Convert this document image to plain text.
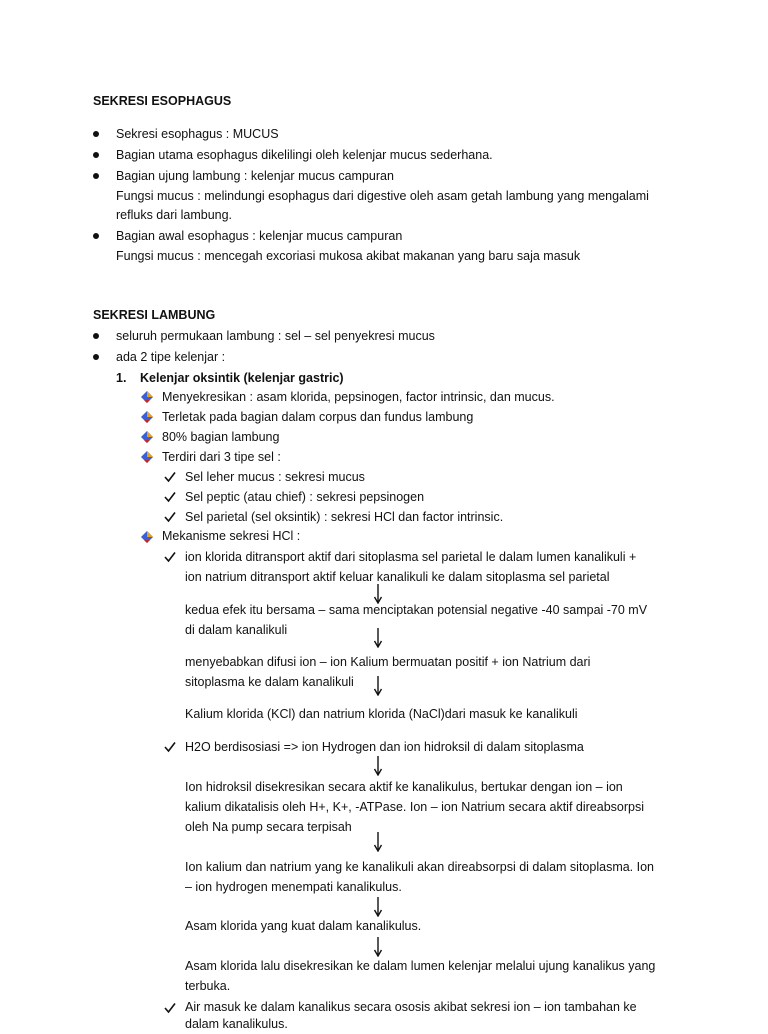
SEKRESI ESOPHAGUS
Sekresi esophagus : MUCUS
Bagian utama esophagus dikelilingi oleh kelenjar mucus sederhana.
Bagian ujung lambung : kelenjar mucus campuran
Fungsi mucus : melindungi esophagus dari digestive oleh asam getah lambung yang mengalami
refluks dari lambung.
Bagian awal esophagus : kelenjar mucus campuran
Fungsi mucus : mencegah excoriasi mukosa akibat makanan yang baru saja masuk
SEKRESI LAMBUNG
seluruh permukaan lambung : sel – sel penyekresi mucus
ada 2 tipe kelenjar :
1. Kelenjar oksintik (kelenjar gastric)
Menyekresikan : asam klorida, pepsinogen, factor intrinsic, dan mucus.
Terletak pada bagian dalam corpus dan fundus lambung
80% bagian lambung
Terdiri dari 3 tipe sel :
Sel leher mucus : sekresi mucus
Sel peptic (atau chief) : sekresi pepsinogen
Sel parietal (sel oksintik) : sekresi HCl dan factor intrinsic.
Mekanisme sekresi HCl :
ion klorida ditransport aktif dari sitoplasma sel parietal le dalam lumen kanalikuli +
ion natrium ditransport aktif keluar kanalikuli ke dalam sitoplasma sel parietal
kedua efek itu bersama – sama menciptakan potensial negative -40 sampai -70 mV
di dalam kanalikuli
menyebabkan difusi ion – ion Kalium bermuatan positif + ion Natrium dari
sitoplasma ke dalam kanalikuli
Kalium klorida (KCl) dan natrium klorida (NaCl)dari masuk ke kanalikuli
H2O berdisosiasi => ion Hydrogen dan ion hidroksil di dalam sitoplasma
Ion hidroksil disekresikan secara aktif ke kanalikulus, bertukar dengan ion – ion
kalium dikatalisis oleh H+, K+, -ATPase. Ion – ion Natrium secara aktif direabsorpsi
oleh Na pump secara terpisah
Ion kalium dan natrium yang ke kanalikuli akan direabsorpsi di dalam sitoplasma. Ion
– ion hydrogen menempati kanalikulus.
Asam klorida yang kuat dalam kanalikulus.
Asam klorida lalu disekresikan ke dalam lumen kelenjar melalui ujung kanalikus yang
terbuka.
Air masuk ke dalam kanalikus secara ososis akibat sekresi ion – ion tambahan ke
dalam kanalikulus.
